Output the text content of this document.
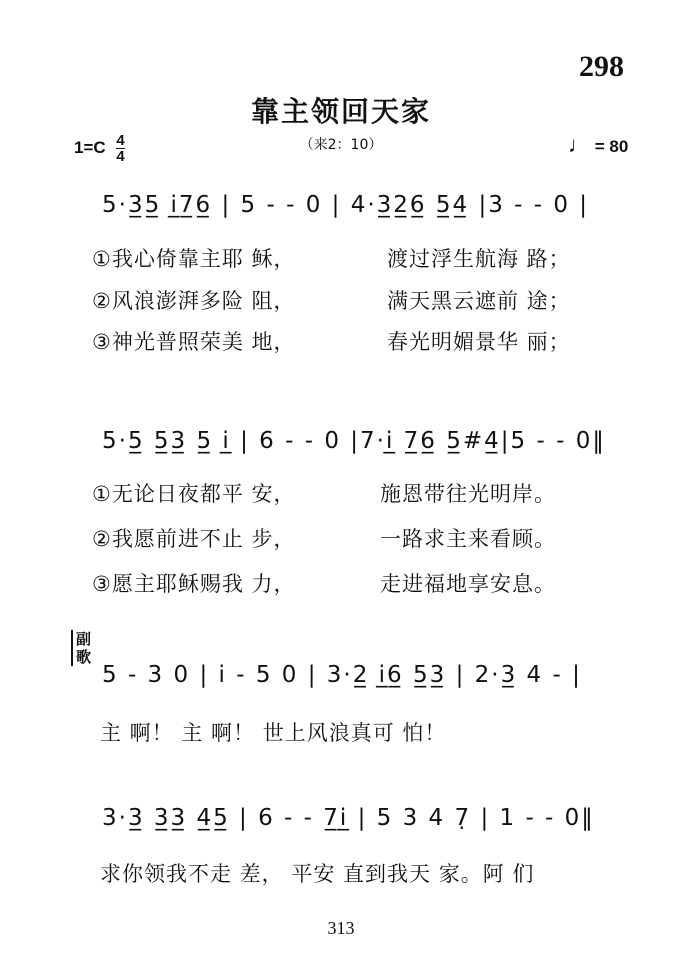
298
靠主领回天家
$1=C \frac{4}{4}$	（来2：10）	♩ = 80
5·3̲5̲ i̲7̲6̲ | 5 - - 0 | 4·3̲2̲6̲ 5̲4̲ |3 - - 0 |
①我心倚靠主耶 稣，	渡过浮生航海 路；
②风浪澎湃多险 阻，	满天黑云遮前 途；
③神光普照荣美 地，	春光明媚景华 丽；
5·5̲ 5̲3̲ 5̲ i̲ | 6 - - 0 |7·i̲ 7̲6̲ 5̲#4̲|5 - - 0‖
①无论日夜都平 安，	施恩带往光明岸。
②我愿前进不止 步，	一路求主来看顾。
③愿主耶稣赐我 力，	走进福地享安息。
副歌
5 - 3 0 | i - 5 0 | 3·2̲ i̲6̲ 5̲3̲ | 2·3̲ 4 - |
主 啊！ 主 啊！ 世上风浪真可 怕！
3·3̲ 3̲3̲ 4̲5̲ | 6 - - 7̲i̲ | 5 3 4 7̣ | 1 - - 0‖
求你领我不走 差， 平安 直到我天 家。阿 们
313
